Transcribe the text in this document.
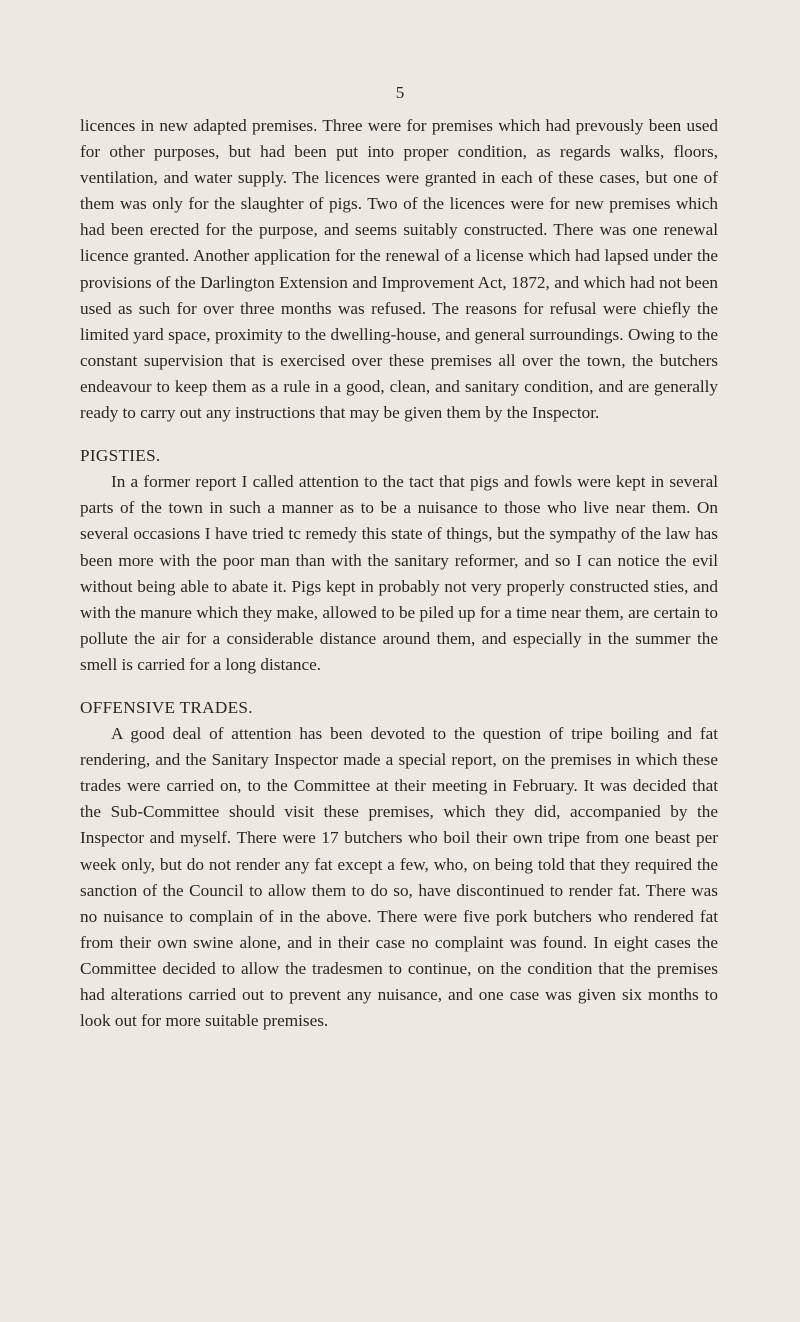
5

licences in new adapted premises. Three were for premises which had prevously been used for other purposes, but had been put into proper condition, as regards walks, floors, ventilation, and water supply. The licences were granted in each of these cases, but one of them was only for the slaughter of pigs. Two of the licences were for new premises which had been erected for the purpose, and seems suitably constructed. There was one renewal licence granted. Another application for the renewal of a license which had lapsed under the provisions of the Darlington Extension and Improvement Act, 1872, and which had not been used as such for over three months was refused. The reasons for refusal were chiefly the limited yard space, proximity to the dwelling-house, and general surroundings. Owing to the constant supervision that is exercised over these premises all over the town, the butchers endeavour to keep them as a rule in a good, clean, and sanitary condition, and are generally ready to carry out any instructions that may be given them by the Inspector.

PIGSTIES.

In a former report I called attention to the tact that pigs and fowls were kept in several parts of the town in such a manner as to be a nuisance to those who live near them. On several occasions I have tried tc remedy this state of things, but the sympathy of the law has been more with the poor man than with the sanitary reformer, and so I can notice the evil without being able to abate it. Pigs kept in probably not very properly constructed sties, and with the manure which they make, allowed to be piled up for a time near them, are certain to pollute the air for a considerable distance around them, and especially in the summer the smell is carried for a long distance.

OFFENSIVE TRADES.

A good deal of attention has been devoted to the question of tripe boiling and fat rendering, and the Sanitary Inspector made a special report, on the premises in which these trades were carried on, to the Committee at their meeting in February. It was decided that the Sub-Committee should visit these premises, which they did, accompanied by the Inspector and myself. There were 17 butchers who boil their own tripe from one beast per week only, but do not render any fat except a few, who, on being told that they required the sanction of the Council to allow them to do so, have discontinued to render fat. There was no nuisance to complain of in the above. There were five pork butchers who rendered fat from their own swine alone, and in their case no complaint was found. In eight cases the Committee decided to allow the tradesmen to continue, on the condition that the premises had alterations carried out to prevent any nuisance, and one case was given six months to look out for more suitable premises.
